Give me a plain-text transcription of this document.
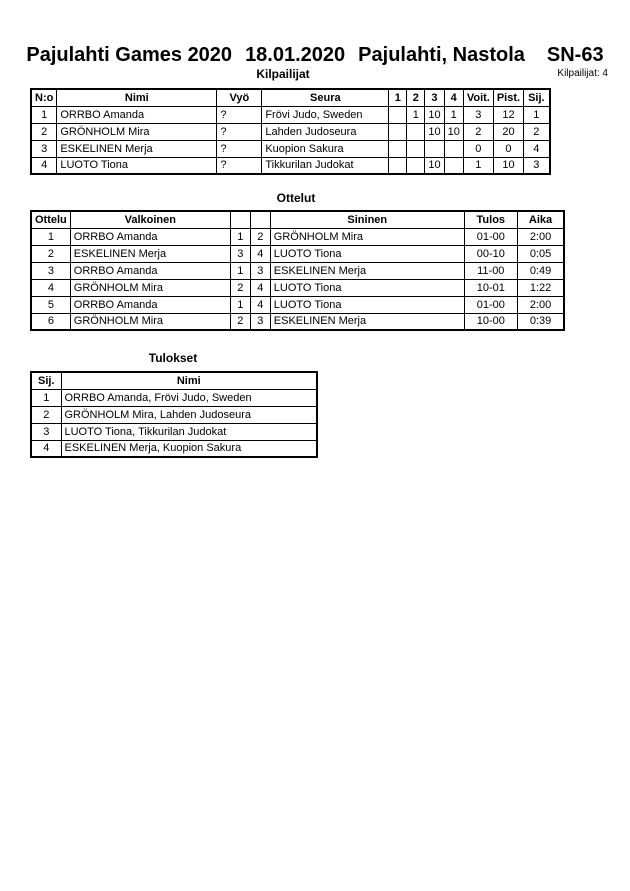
Pajulahti Games 2020 18.01.2020 Pajulahti, Nastola SN-63
Kilpailijat: 4
Kilpailijat
N:o	Nimi	Vyö	Seura	1	2	3	4	Voit.	Pist.	Sij.
1	ORRBO Amanda	?	Frövi Judo, Sweden		1	10	1	3	12	1
2	GRÖNHOLM Mira	?	Lahden Judoseura			10	10	2	20	2
3	ESKELINEN Merja	?	Kuopion Sakura					0	0	4
4	LUOTO Tiona	?	Tikkurilan Judokat			10		1	10	3
Ottelut
Ottelu	Valkoinen			Sininen	Tulos	Aika
1	ORRBO Amanda	1	2	GRÖNHOLM Mira	01-00	2:00
2	ESKELINEN Merja	3	4	LUOTO Tiona	00-10	0:05
3	ORRBO Amanda	1	3	ESKELINEN Merja	11-00	0:49
4	GRÖNHOLM Mira	2	4	LUOTO Tiona	10-01	1:22
5	ORRBO Amanda	1	4	LUOTO Tiona	01-00	2:00
6	GRÖNHOLM Mira	2	3	ESKELINEN Merja	10-00	0:39
Tulokset
Sij.	Nimi
1	ORRBO Amanda, Frövi Judo, Sweden
2	GRÖNHOLM Mira, Lahden Judoseura
3	LUOTO Tiona, Tikkurilan Judokat
4	ESKELINEN Merja, Kuopion Sakura
